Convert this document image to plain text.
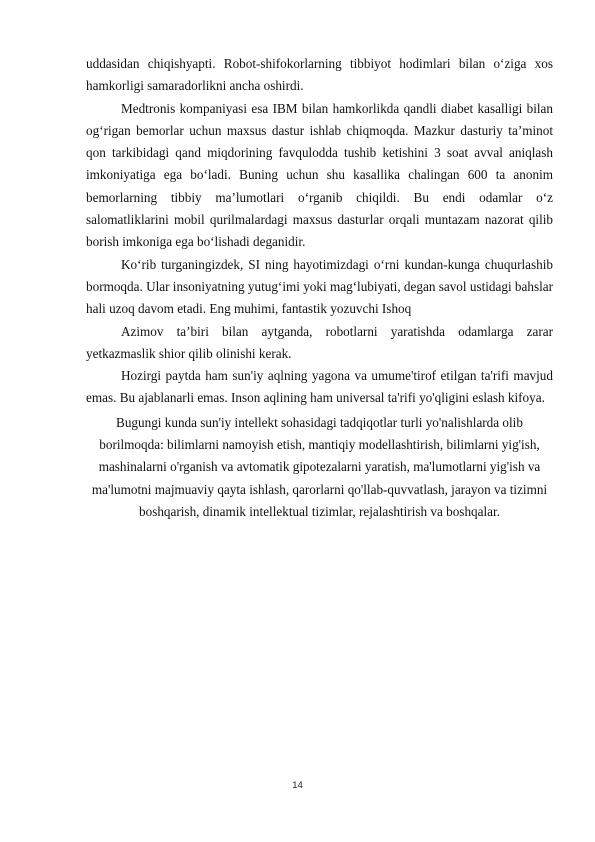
uddasidan chiqishyapti. Robot-shifokorlarning tibbiyot hodimlari bilan o‘ziga xos hamkorligi samaradorlikni ancha oshirdi.

Medtronis kompaniyasi esa IBM bilan hamkorlikda qandli diabet kasalligi bilan og‘rigan bemorlar uchun maxsus dastur ishlab chiqmoqda. Mazkur dasturiy ta’minot qon tarkibidagi qand miqdorining favqulodda tushib ketishini 3 soat avval aniqlash imkoniyatiga ega bo‘ladi. Buning uchun shu kasallika chalingan 600 ta anonim bemorlarning tibbiy ma’lumotlari o‘rganib chiqildi. Bu endi odamlar o‘z salomatliklarini mobil qurilmalardagi maxsus dasturlar orqali muntazam nazorat qilib borish imkoniga ega bo‘lishadi deganidir.

Ko‘rib turganingizdek, SI ning hayotimizdagi o‘rni kundan-kunga chuqurlashib bormoqda. Ular insoniyatning yutug‘imi yoki mag‘lubiyati, degan savol ustidagi bahslar hali uzoq davom etadi. Eng muhimi, fantastik yozuvchi Ishoq

Azimov ta’biri bilan aytganda, robotlarni yaratishda odamlarga zarar yetkazmaslik shior qilib olinishi kerak.

Hozirgi paytda ham sun'iy aqlning yagona va umume'tirof etilgan ta'rifi mavjud emas. Bu ajablanarli emas. Inson aqlining ham universal ta'rifi yo'qligini eslash kifoya.

Bugungi kunda sun'iy intellekt sohasidagi tadqiqotlar turli yo'nalishlarda olib borilmoqda: bilimlarni namoyish etish, mantiqiy modellashtirish, bilimlarni yig'ish, mashinalarni o'rganish va avtomatik gipotezalarni yaratish, ma'lumotlarni yig'ish va ma'lumotni majmuaviy qayta ishlash, qarorlarni qo'llab-quvvatlash, jarayon va tizimni boshqarish, dinamik intellektual tizimlar, rejalashtirish va boshqalar.

14
